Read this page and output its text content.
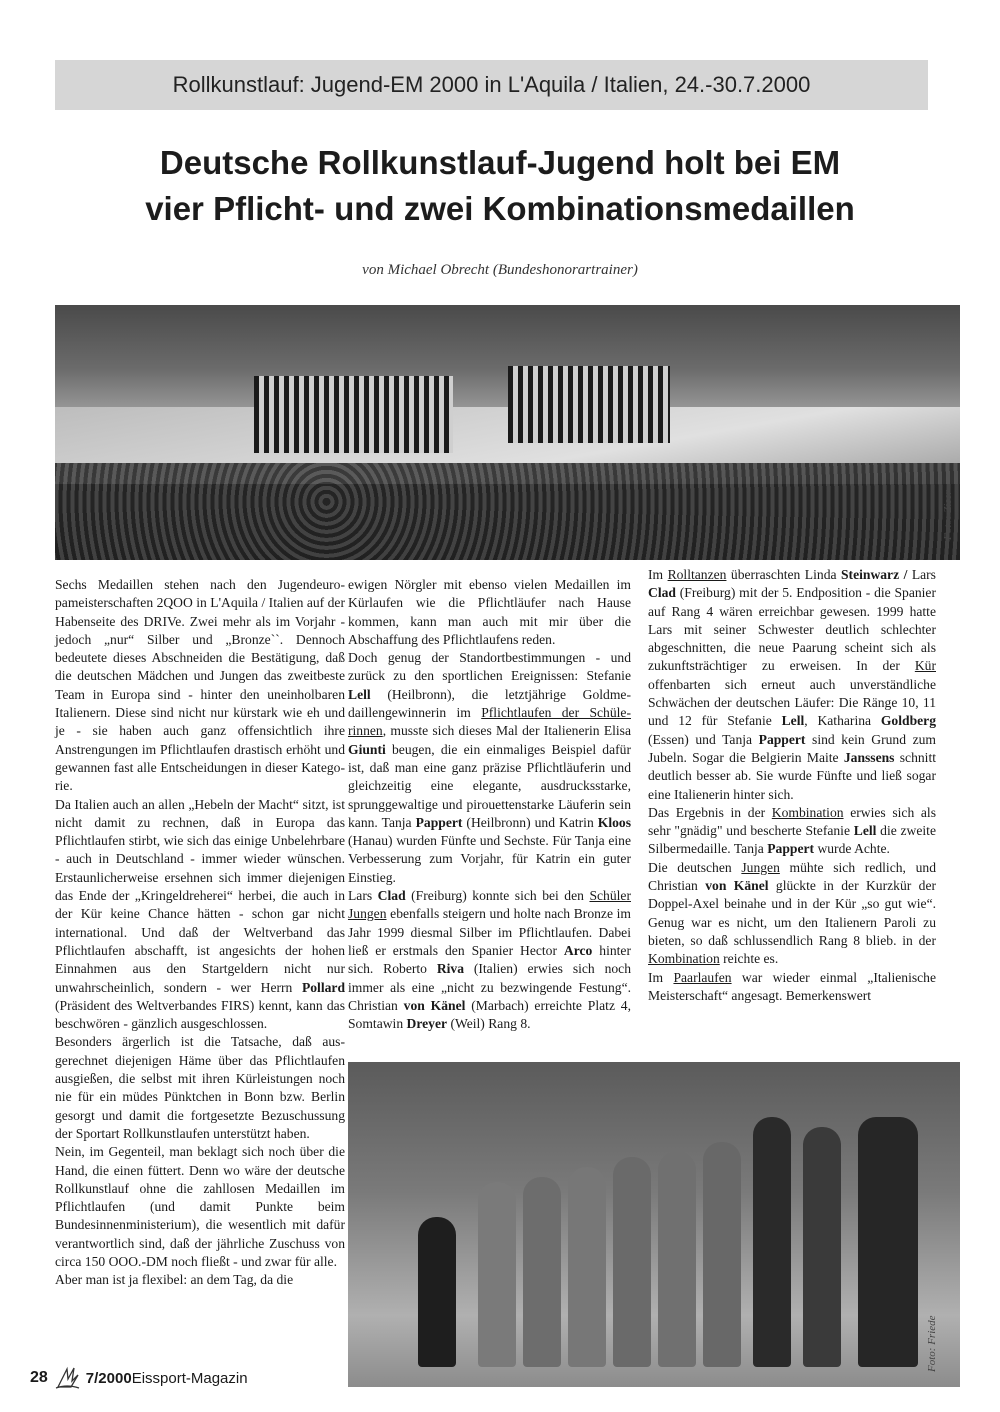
Rollkunstlauf: Jugend-EM 2000 in L'Aquila / Italien, 24.-30.7.2000
Deutsche Rollkunstlauf-Jugend holt bei EM
vier Pflicht- und zwei Kombinationsmedaillen
von Michael Obrecht (Bundeshonorartrainer)
Foto: Ziser

Sechs Medaillen stehen nach den Jugendeuropameisterschaften 2QOO in L'Aquila / Italien auf der Habenseite des DRIVe. Zwei mehr als im Vorjahr - jedoch „nur“ Silber und „Bronze``. Dennoch bedeutete dieses Abschneiden die Bestätigung, daß die deutschen Mädchen und Jungen das zweitbeste Team in Europa sind - hinter den uneinholbaren Italienern. Diese sind nicht nur kürstark wie eh und je - sie haben auch ganz offensichtlich ihre Anstrengungen im Pflichtlaufen drastisch erhöht und gewannen fast alle Entscheidungen in dieser Kategorie.

Da Italien auch an allen „Hebeln der Macht“ sitzt, ist nicht damit zu rechnen, daß in Europa das Pflichtlaufen stirbt, wie sich das einige Unbelehrbare - auch in Deutschland - immer wieder wünschen. Erstaunlicherweise ersehnen sich immer diejenigen das Ende der „Kringeldreherei“ herbei, die auch in der Kür keine Chance hätten - schon gar nicht international. Und daß der Weltverband das Pflichtlaufen abschafft, ist angesichts der hohen Einnahmen aus den Startgeldern nicht nur unwahrscheinlich, sondern - wer Herrn Pollard (Präsident des Weltverbandes FIRS) kennt, kann das beschwören - gänzlich ausgeschlossen.

Besonders ärgerlich ist die Tatsache, daß ausgerechnet diejenigen Häme über das Pflichtlaufen ausgießen, die selbst mit ihren Kürleistungen noch nie für ein müdes Pünktchen in Bonn bzw. Berlin gesorgt und damit die fortgesetzte Bezuschussung der Sportart Rollkunstlaufen unterstützt haben.

Nein, im Gegenteil, man beklagt sich noch über die Hand, die einen füttert. Denn wo wäre der deutsche Rollkunstlauf ohne die zahllosen Medaillen im Pflichtlaufen (und damit Punkte beim Bundesinnenministerium), die wesentlich mit dafür verantwortlich sind, daß der jährliche Zuschuss von circa 150 OOO.-DM noch fließt - und zwar für alle.

Aber man ist ja flexibel: an dem Tag, da die

ewigen Nörgler mit ebenso vielen Medaillen im Kürlaufen wie die Pflichtläufer nach Hause kommen, kann man auch mit mir über die Abschaffung des Pflichtlaufens reden.

Doch genug der Standortbestimmungen - und zurück zu den sportlichen Ereignissen: Stefanie Lell (Heilbronn), die letztjährige Goldmedaillengewinnerin im Pflichtlaufen der Schülerinnen, musste sich dieses Mal der Italienerin Elisa Giunti beugen, die ein einmaliges Beispiel dafür ist, daß man eine ganz präzise Pflichtläuferin und gleichzeitig eine elegante, ausdrucksstarke, sprunggewaltige und pirouettenstarke Läuferin sein kann. Tanja Pappert (Heilbronn) und Katrin Kloos (Hanau) wurden Fünfte und Sechste. Für Tanja eine Verbesserung zum Vorjahr, für Katrin ein guter Einstieg.

Lars Clad (Freiburg) konnte sich bei den Schüler Jungen ebenfalls steigern und holte nach Bronze im Jahr 1999 diesmal Silber im Pflichtlaufen. Dabei ließ er erstmals den Spanier Hector Arco hinter sich. Roberto Riva (Italien) erwies sich noch immer als eine „nicht zu bezwingende Festung“. Christian von Känel (Marbach) erreichte Platz 4, Somtawin Dreyer (Weil) Rang 8.

Im Rolltanzen überraschten Linda Steinwarz / Lars Clad (Freiburg) mit der 5. Endposition - die Spanier auf Rang 4 wären erreichbar gewesen. 1999 hatte Lars mit seiner Schwester deutlich schlechter abgeschnitten, die neue Paarung scheint sich als zukunftsträchtiger zu erweisen. In der Kür offenbarten sich erneut auch unverständliche Schwächen der deutschen Läufer: Die Ränge 10, 11 und 12 für Stefanie Lell, Katharina Goldberg (Essen) und Tanja Pappert sind kein Grund zum Jubeln. Sogar die Belgierin Maite Janssens schnitt deutlich besser ab. Sie wurde Fünfte und ließ sogar eine Italienerin hinter sich.

Das Ergebnis in der Kombination erwies sich als sehr "gnädig" und bescherte Stefanie Lell die zweite Silbermedaille. Tanja Pappert wurde Achte.

Die deutschen Jungen mühte sich redlich, und Christian von Känel glückte in der Kurzkür der Doppel-Axel beinahe und in der Kür „so gut wie“. Genug war es nicht, um den Italienern Paroli zu bieten, so daß schlussendlich Rang 8 blieb. in der Kombination reichte es.

Im Paarlaufen war wieder einmal „Italienische Meisterschaft“ angesagt. Bemerkenswert

Foto: Friede
28	7/2000 Eissport-Magazin
